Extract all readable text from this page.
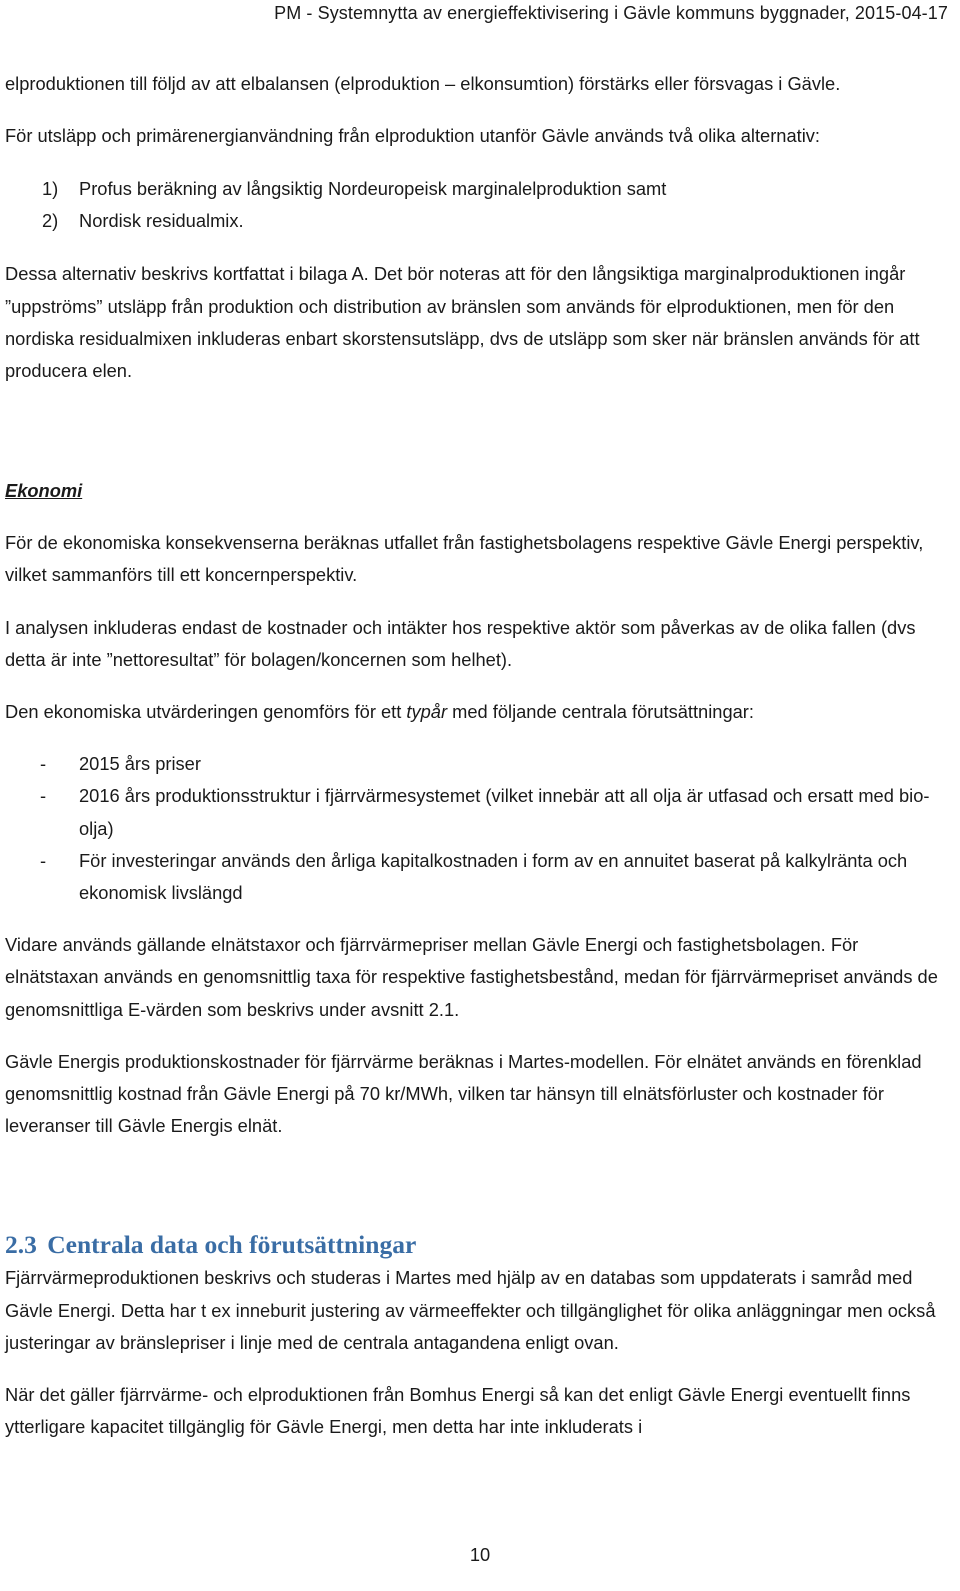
PM - Systemnytta av energieffektivisering i Gävle kommuns byggnader, 2015-04-17

elproduktionen till följd av att elbalansen (elproduktion – elkonsumtion) förstärks eller försvagas i Gävle.

För utsläpp och primärenergianvändning från elproduktion utanför Gävle används två olika alternativ:

1) Profus beräkning av långsiktig Nordeuropeisk marginalelproduktion samt
2) Nordisk residualmix.

Dessa alternativ beskrivs kortfattat i bilaga A. Det bör noteras att för den långsiktiga marginalproduktionen ingår ”uppströms” utsläpp från produktion och distribution av bränslen som används för elproduktionen, men för den nordiska residualmixen inkluderas enbart skorstensutsläpp, dvs de utsläpp som sker när bränslen används för att producera elen.

Ekonomi

För de ekonomiska konsekvenserna beräknas utfallet från fastighetsbolagens respektive Gävle Energi perspektiv, vilket sammanförs till ett koncernperspektiv.

I analysen inkluderas endast de kostnader och intäkter hos respektive aktör som påverkas av de olika fallen (dvs detta är inte ”nettoresultat” för bolagen/koncernen som helhet).

Den ekonomiska utvärderingen genomförs för ett typår med följande centrala förutsättningar:

- 2015 års priser
- 2016 års produktionsstruktur i fjärrvärmesystemet (vilket innebär att all olja är utfasad och ersatt med bio-olja)
- För investeringar används den årliga kapitalkostnaden i form av en annuitet baserat på kalkylränta och ekonomisk livslängd

Vidare används gällande elnätstaxor och fjärrvärmepriser mellan Gävle Energi och fastighetsbolagen. För elnätstaxan används en genomsnittlig taxa för respektive fastighetsbestånd, medan för fjärrvärmepriset används de genomsnittliga E-värden som beskrivs under avsnitt 2.1.

Gävle Energis produktionskostnader för fjärrvärme beräknas i Martes-modellen. För elnätet används en förenklad genomsnittlig kostnad från Gävle Energi på 70 kr/MWh, vilken tar hänsyn till elnätsförluster och kostnader för leveranser till Gävle Energis elnät.

2.3 Centrala data och förutsättningar

Fjärrvärmeproduktionen beskrivs och studeras i Martes med hjälp av en databas som uppdaterats i samråd med Gävle Energi. Detta har t ex inneburit justering av värmeeffekter och tillgänglighet för olika anläggningar men också justeringar av bränslepriser i linje med de centrala antagandena enligt ovan.

När det gäller fjärrvärme- och elproduktionen från Bomhus Energi så kan det enligt Gävle Energi eventuellt finns ytterligare kapacitet tillgänglig för Gävle Energi, men detta har inte inkluderats i

10
